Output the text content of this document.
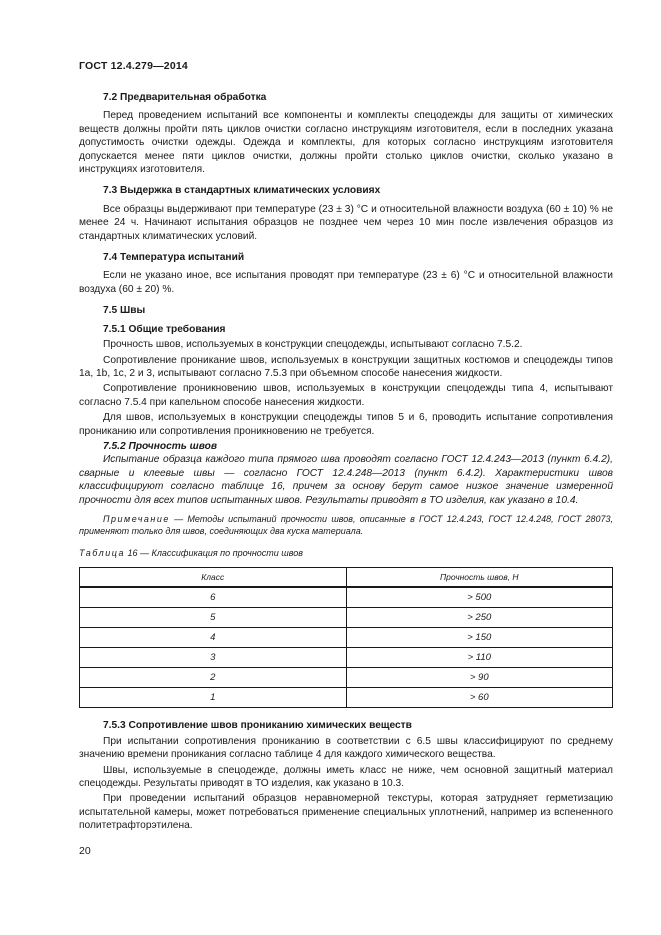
ГОСТ 12.4.279—2014
7.2 Предварительная обработка

Перед проведением испытаний все компоненты и комплекты спецодежды для защиты от химических веществ должны пройти пять циклов очистки согласно инструкциям изготовителя, если в последних указана допустимость очистки одежды. Одежда и комплекты, для которых согласно инструкциям изготовителя допускается менее пяти циклов очистки, должны пройти столько циклов очистки, сколько указано в инструкциях изготовителя.

7.3 Выдержка в стандартных климатических условиях

Все образцы выдерживают при температуре (23 ± 3) °С и относительной влажности воздуха (60 ± 10) % не менее 24 ч. Начинают испытания образцов не позднее чем через 10 мин после извлечения образцов из стандартных климатических условий.

7.4 Температура испытаний

Если не указано иное, все испытания проводят при температуре (23 ± 6) °С и относительной влажности воздуха (60 ± 20) %.

7.5 Швы
7.5.1 Общие требования

Прочность швов, используемых в конструкции спецодежды, испытывают согласно 7.5.2.

Сопротивление проникание швов, используемых в конструкции защитных костюмов и спецодежды типов 1а, 1b, 1с, 2 и 3, испытывают согласно 7.5.3 при объемном способе нанесения жидкости.

Сопротивление проникновению швов, используемых в конструкции спецодежды типа 4, испытывают согласно 7.5.4 при капельном способе нанесения жидкости.

Для швов, используемых в конструкции спецодежды типов 5 и 6, проводить испытание сопротивления прониканию или сопротивления проникновению не требуется.

7.5.2 Прочность швов

Испытание образца каждого типа прямого шва проводят согласно ГОСТ 12.4.243—2013 (пункт 6.4.2), сварные и клеевые швы — согласно ГОСТ 12.4.248—2013 (пункт 6.4.2). Характеристики швов классифицируют согласно таблице 16, причем за основу берут самое низкое значение измеренной прочности для всех типов испытанных швов. Результаты приводят в ТО изделия, как указано в 10.4.

Примечание — Методы испытаний прочности швов, описанные в ГОСТ 12.4.243, ГОСТ 12.4.248, ГОСТ 28073, применяют только для швов, соединяющих два куска материала.

Таблица 16 — Классификация по прочности швов
Класс	Прочность швов, Н
6	> 500
5	> 250
4	> 150
3	> 110
2	> 90
1	> 60
7.5.3 Сопротивление швов прониканию химических веществ

При испытании сопротивления прониканию в соответствии с 6.5 швы классифицируют по среднему значению времени проникания согласно таблице 4 для каждого химического вещества.

Швы, используемые в спецодежде, должны иметь класс не ниже, чем основной защитный материал спецодежды. Результаты приводят в ТО изделия, как указано в 10.3.

При проведении испытаний образцов неравномерной текстуры, которая затрудняет герметизацию испытательной камеры, может потребоваться применение специальных уплотнений, например из вспененного политетрафторэтилена.

20
